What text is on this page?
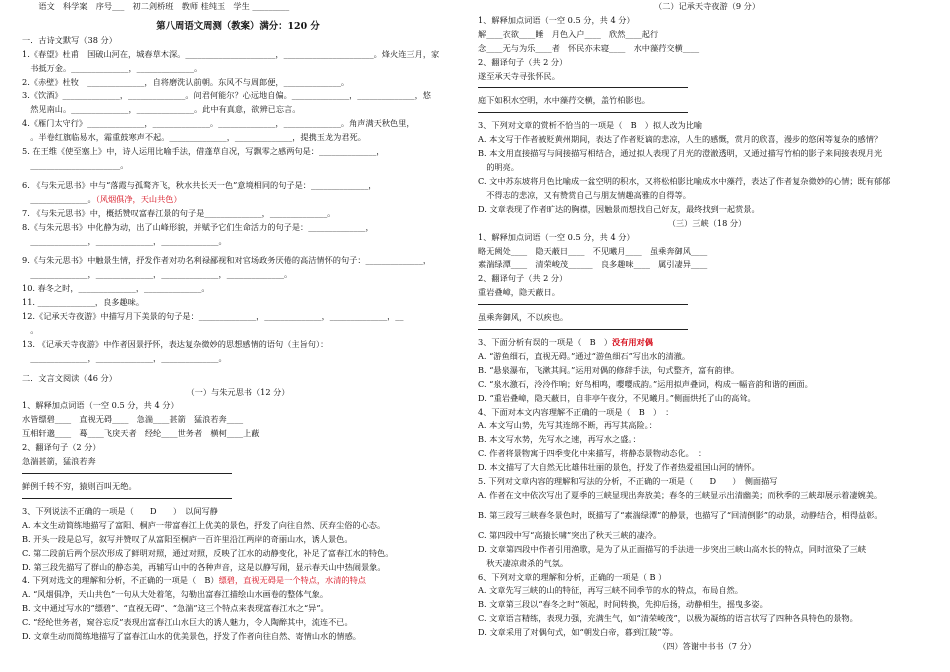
　　语文　科学案　序号___　初二剑桥班　教师 桂纯玉　学生 _________
第八周语文周测（教案）满分：120 分
一．古诗文默写（38 分）
1.《春望》杜甫　国破山河在，城春草木深。______________________，______________________。烽火连三月，家
　书抵万金。______________，______________。
2.《赤壁》杜牧　______________，自将磨洗认前朝。东风不与周郎便，______________。
3.《饮酒》______________，______________。问君何能尔？心远地自偏。______________，______________，悠
　然见南山。______________，______________。此中有真意，欲辨已忘言。
4.《雁门太守行》______________，______________。______________，______________。角声满天秋色里，
　。半卷红旗临易水，霜重鼓寒声不起。______________，______________，提携玉龙为君死。
5. 在王维《使至塞上》中，诗人运用比喻手法，借蓬草自况，写飘零之感两句是：______________，
　______________________。
6. 《与朱元思书》中与“落霞与孤鹜齐飞，秋水共长天一色”意境相同的句子是：______________，
　______________。（风烟俱净，天山共色）
7. 《与朱元思书》中，概括赞叹富春江景的句子是______________，______________。
8.《与朱元思书》中化静为动，出了山峰形貌，并赋予它们生命活力的句子是：______________，
　______________，______________，______________。
9.《与朱元思书》中触景生情，抒发作者对功名利禄鄙视和对官场政务厌倦的高洁情怀的句子：______________，
　______________，______________，______________，______________。
10. 春冬之时，______________，______________。
11. ______________，良多趣味。
12.《记承天寺夜游》中描写月下美景的句子是：______________，______________，______________，__
　。
13. 《记承天寺夜游》中作者因景抒怀，表达复杂微妙的思想感情的语句（主旨句）：
　______________，______________，______________。
二．文言文阅读（46 分）
（一）与朱元思书（12 分）
1、解释加点词语（一空 0.5 分，共 4 分）
水皆缥碧____　直视无碍____　急湍____甚箭　猛浪若奔____
互相轩邈____　蓦____飞戾天者　经纶____世务者　横柯____上蔽
2、翻译句子（2 分）
急湍甚箭，猛浪若奔
鲜例千转不穷，猿则百叫无绝。
3、下列说法不正确的一项是（　　D　　）　以间写静
A. 本文生动简练地描写了富阳、桐庐一带富春江上优美的景色，抒发了向往自然、厌弃尘俗的心态。
B. 开头一段是总写，叙写并赞叹了从富阳至桐庐一百许里沿江两岸的奇丽山水，诱人景色。
C. 第二段前后两个层次形成了鲜明对照，通过对照，反映了江水的动静变化，补足了富春江水的特色。
D. 第三段先描写了群山的静态美，再辅写山中的各种声音，这是以静写闹，显示春天山中热闹景象。
4. 下列对选文的理解和分析，不正确的一项是（　B）缥碧，直视无碍是一个特点，水清的特点
A. “风烟俱净，天山共色”一句从大处着笔，勾勒出富春江描绘山水画卷的整体气象。
B. 文中通过写水的“缥碧”、“直视无碍”、“急湍”这三个特点来表现富春江水之“异”。
C. “经纶世务者，窥谷忘反”表现出富春江山水巨大的诱人魅力，令人陶醉其中，流连不已。
D. 文章生动而简练地描写了富春江山水的优美景色，抒发了作者向往自然、寄情山水的情感。
（二）记承天寺夜游（9 分）
1、解释加点词语（一空 0.5 分，共 4 分）
解____衣欲____睡　月色入户____　欣然____起行
念____无与为乐____者　怀民亦未寝____　水中藻荇交横____
2、翻译句子（共 2 分）
遂至承天寺寻张怀民。
庭下如积水空明，水中藻荇交横，盖竹柏影也。
3、下列对文章的赏析不恰当的一项是（　B　）拟人改为比喻
A. 本文写于作者被贬黄州期间，表达了作者贬谪的悲凉，人生的感慨，赏月的欣喜，漫步的悠闲等复杂的感情？
B. 本文用直接描写与间接描写相结合，通过拟人表现了月光的澄澈透明，又通过描写竹柏的影子来间接表现月光
　的明亮。
C. 文中苏东坡将月色比喻成一盆空明的积水，又将松柏影比喻成水中藻荇，表达了作者复杂微妙的心情；既有郁郁
　不得志的悲凉，又有赞赏自己与朋友情趣高雅的自得等。
D. 文章表现了作者旷达的胸襟，因触景而想找自己好友，最终找到一起赏景。
（三）三峡（18 分）
1、解释加点词语（一空 0.5 分，共 4 分）
略无阙处____　隐天蔽日____　不见曦月____　虽乘奔御风____
素湍绿潭____　清荣峻茂______　良多趣味____　属引凄异____
2、翻译句子（共 2 分）
重岩叠嶂，隐天蔽日。
虽乘奔御风，不以疾也。
3、下面分析有误的一项是（　B　）没有用对偶
A. “游鱼细石，直视无碍。”通过“游鱼细石”写出水的清澈。
B. “悬泉瀑布，飞漱其间。”运用对偶的修辞手法，句式整齐，富有韵律。
C. “泉水激石，泠泠作响；好鸟相鸣，嘤嘤成韵。”运用拟声叠词，构成一幅音韵和谐的画面。
D. “重岩叠嶂，隐天蔽日，自非亭午夜分，不见曦月。”侧面烘托了山的高耸。
4、下面对本文内容理解不正确的一项是（　B　）　：
A. 本文写山势，先写其连绵不断，再写其高险。：
B. 本文写水势，先写水之速，再写水之盛。：
C. 作者将景物寓于四季变化中来描写，将静态景物动态化。　：
D. 本文描写了大自然无比雄伟壮丽的景色，抒发了作者热爱祖国山河的情怀。
5. 下列对文章内容的理解和写法的分析，不正确的一项是（　　D　　）　侧面描写
A. 作者在文中依次写出了夏季的三峡显现出奔放美；春冬的三峡显示出清幽美；而秋季的三峡却展示着凄婉美。
B. 第三段写三峡春冬景色时，既描写了“素湍绿潭”的静景，也描写了“回清倒影”的动景，动静结合，相得益彰。
C. 第四段中写“高猿长啸”突出了秋天三峡的凄冷。
D. 文章第四段中作者引用渔歌，是为了从正面描写的手法进一步突出三峡山高水长的特点，同时渲染了三峡
　秋天凄凉肃杀的气氛。
6、下列对文章的理解和分析，正确的一项是（ B ）
A. 文章先写三峡的山的特征，再写三峡不同季节的水的特点，布局自然。
B. 文章第三段以“春冬之时”领起，时间转换，先抑后扬，动静相生，摇曳多姿。
C. 文章语言精练，表现力强，充满生气，如“清荣峻茂”，以极为凝练的语言状写了四种各具特色的景物。
D. 文章采用了对偶句式，如“朝发白帝，暮到江陵”等。
（四）答谢中书书（7 分）
